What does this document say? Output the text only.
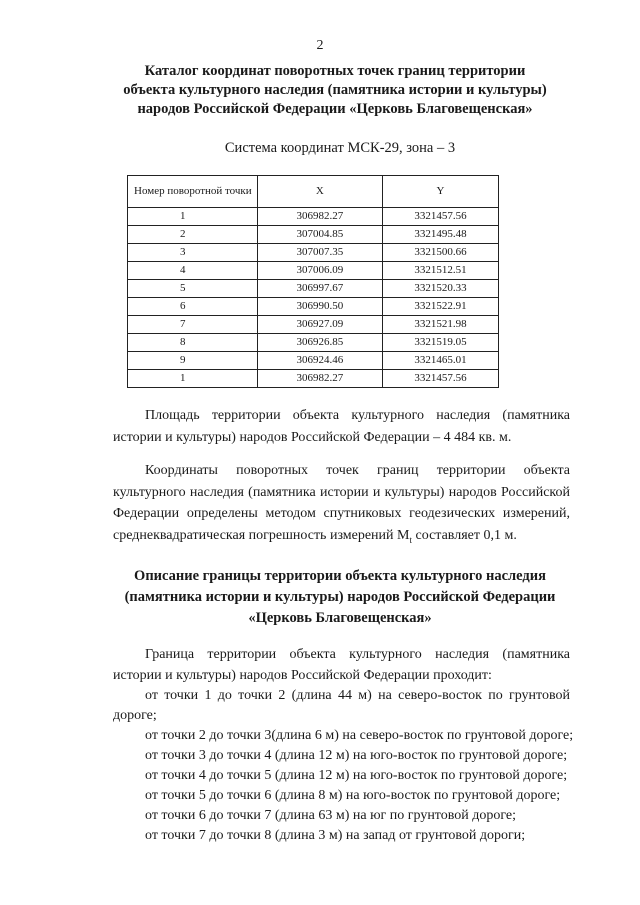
2
Каталог координат поворотных точек границ территории
объекта культурного наследия (памятника истории и культуры)
народов Российской Федерации «Церковь Благовещенская»
Система координат МСК-29, зона – 3
Номер поворотной точки	X	Y
1	306982.27	3321457.56
2	307004.85	3321495.48
3	307007.35	3321500.66
4	307006.09	3321512.51
5	306997.67	3321520.33
6	306990.50	3321522.91
7	306927.09	3321521.98
8	306926.85	3321519.05
9	306924.46	3321465.01
1	306982.27	3321457.56
Площадь территории объекта культурного наследия (памятника истории и культуры) народов Российской Федерации – 4 484 кв. м.
Координаты поворотных точек границ территории объекта культурного наследия (памятника истории и культуры) народов Российской Федерации определены методом спутниковых геодезических измерений, среднеквадратическая погрешность измерений $M_t$ составляет 0,1 м.
Описание границы территории объекта культурного наследия
(памятника истории и культуры) народов Российской Федерации
«Церковь Благовещенская»
Граница территории объекта культурного наследия (памятника истории и культуры) народов Российской Федерации проходит:
от точки 1 до точки 2 (длина 44 м) на северо-восток по грунтовой дороге;
от точки 2 до точки 3(длина 6 м) на северо-восток по грунтовой дороге;
от точки 3 до точки 4 (длина 12 м) на юго-восток по грунтовой дороге;
от точки 4 до точки 5 (длина 12 м) на юго-восток по грунтовой дороге;
от точки 5 до точки 6 (длина 8 м) на юго-восток по грунтовой дороге;
от точки 6 до точки 7 (длина 63 м) на юг по грунтовой дороге;
от точки 7 до точки 8 (длина 3 м) на запад от грунтовой дороги;
